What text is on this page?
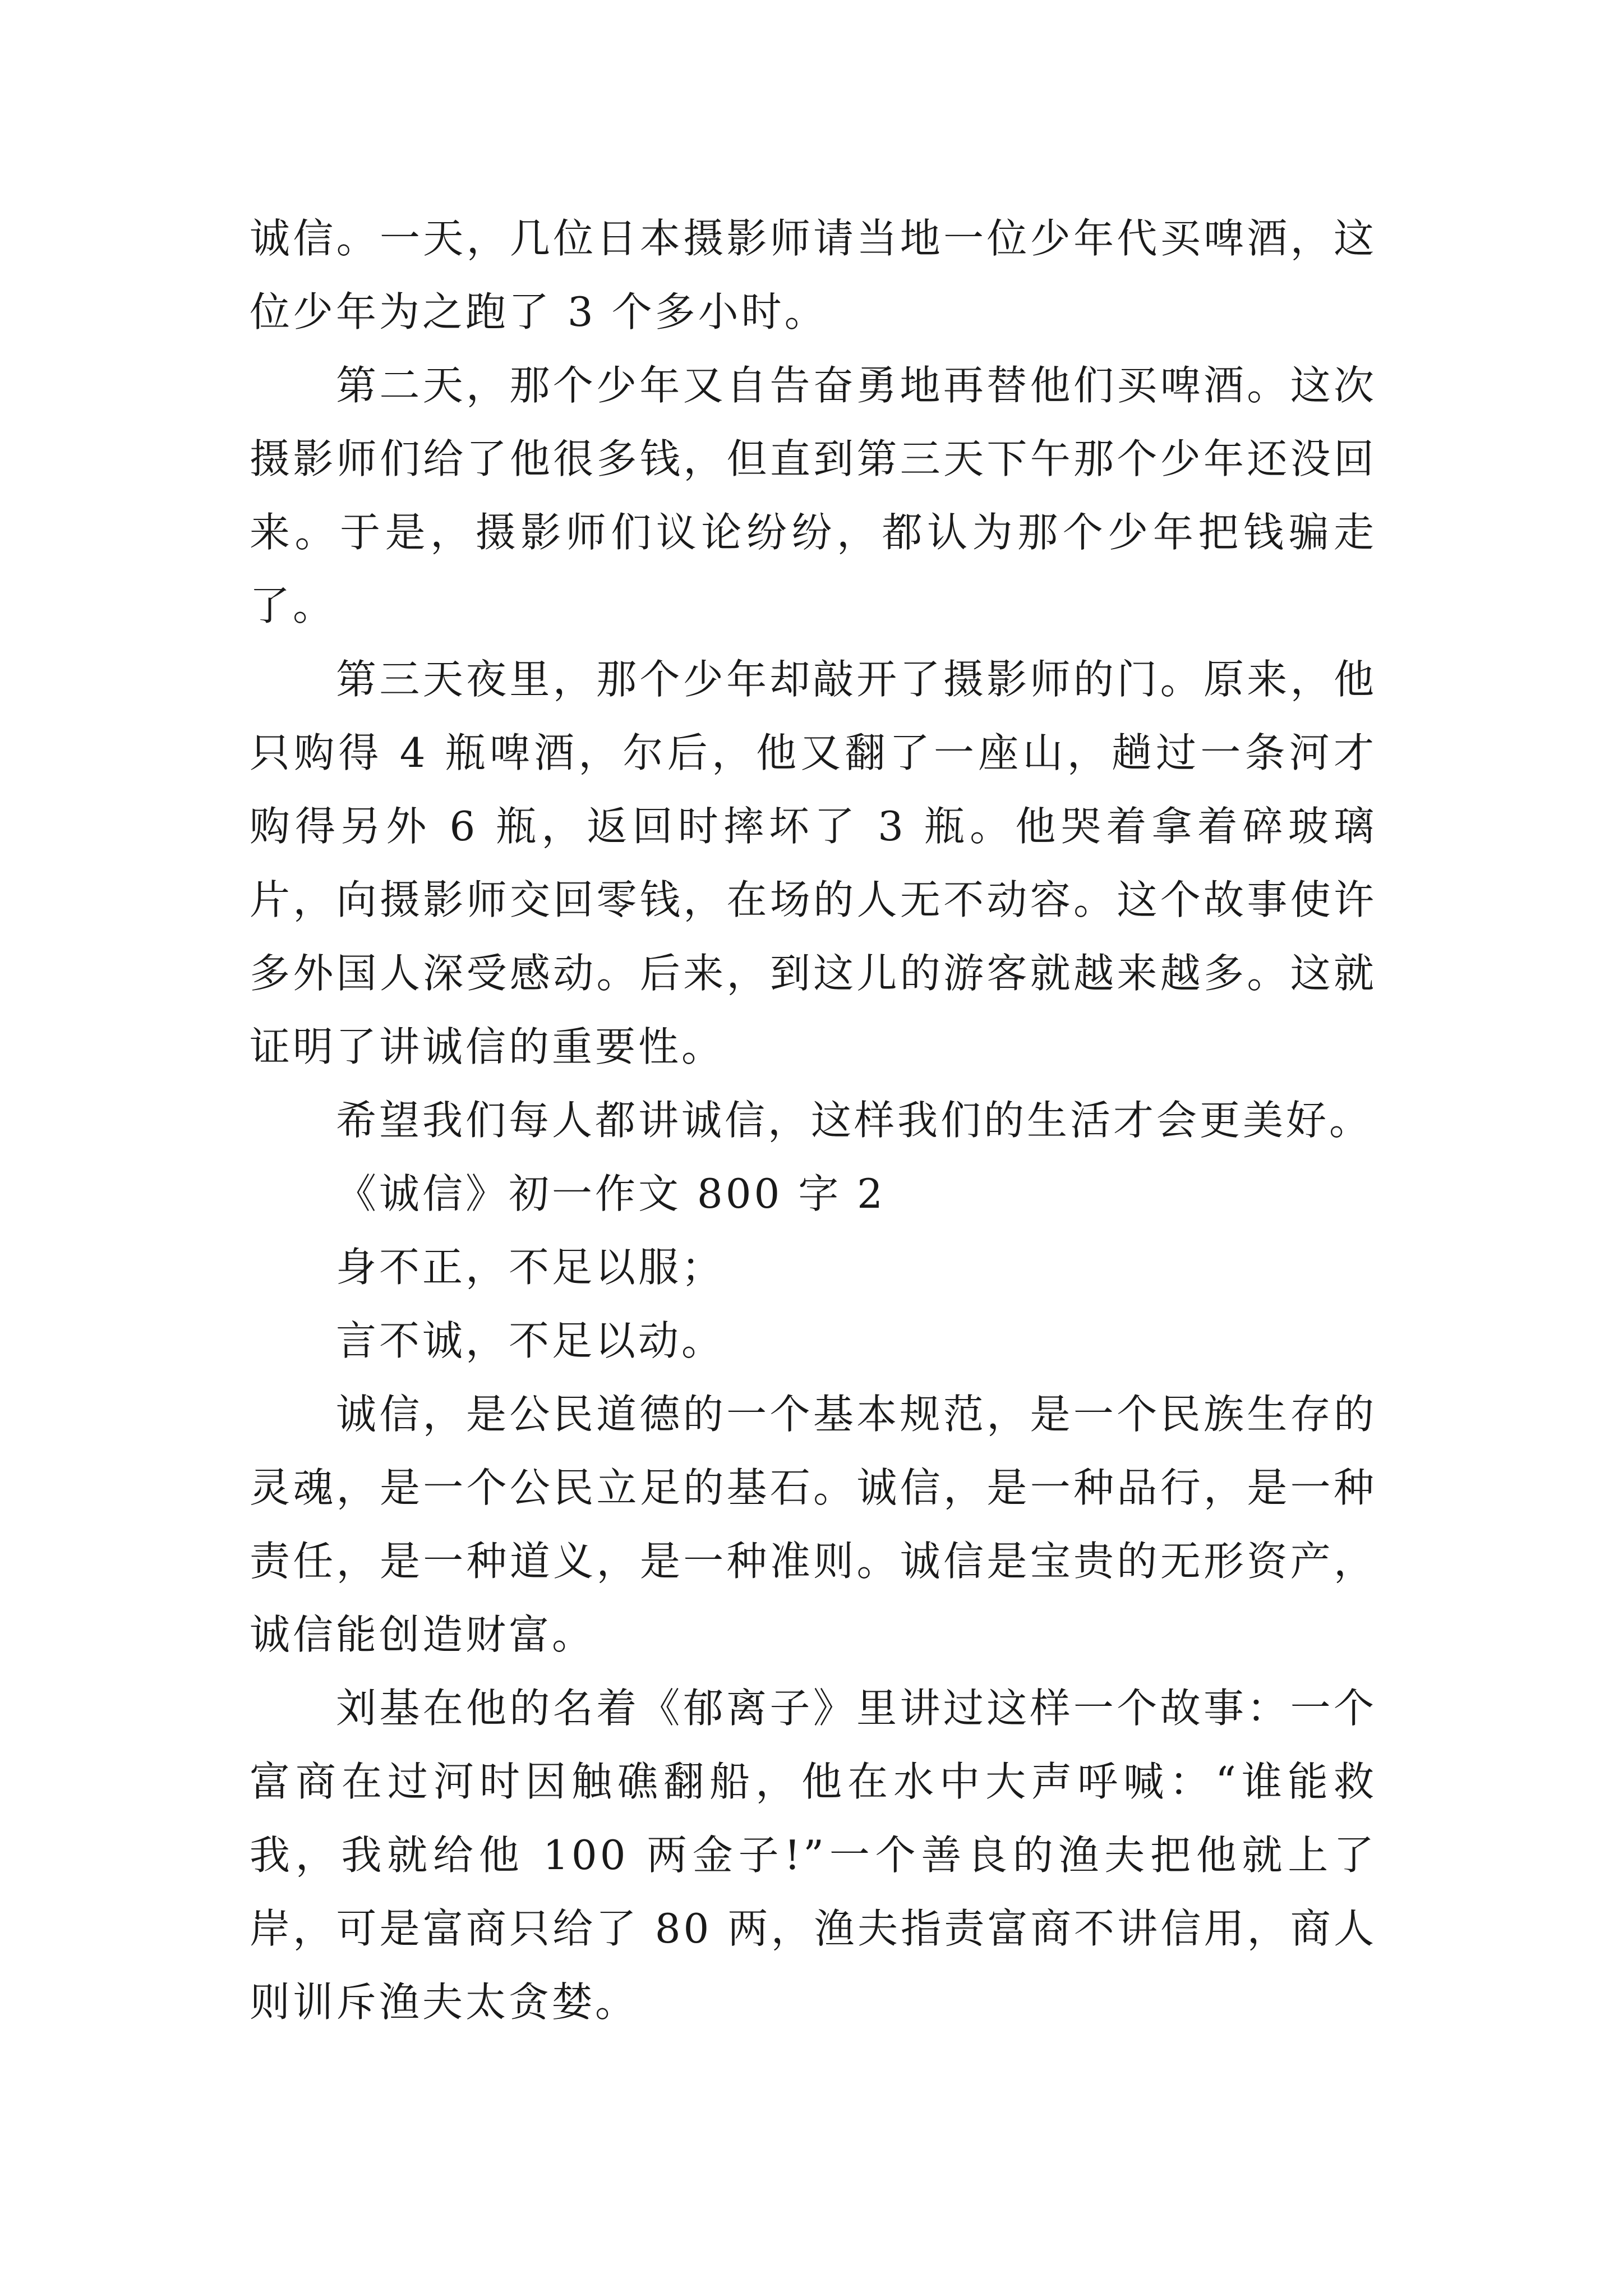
诚信。一天，几位日本摄影师请当地一位少年代买啤酒，这位少年为之跑了 3 个多小时。

第二天，那个少年又自告奋勇地再替他们买啤酒。这次摄影师们给了他很多钱，但直到第三天下午那个少年还没回来。于是，摄影师们议论纷纷，都认为那个少年把钱骗走了。

第三天夜里，那个少年却敲开了摄影师的门。原来，他只购得 4 瓶啤酒，尔后，他又翻了一座山，趟过一条河才购得另外 6 瓶，返回时摔坏了 3 瓶。他哭着拿着碎玻璃片，向摄影师交回零钱，在场的人无不动容。这个故事使许多外国人深受感动。后来，到这儿的游客就越来越多。这就证明了讲诚信的重要性。

希望我们每人都讲诚信，这样我们的生活才会更美好。

《诚信》初一作文 800 字 2

身不正，不足以服；

言不诚，不足以动。

诚信，是公民道德的一个基本规范，是一个民族生存的灵魂，是一个公民立足的基石。诚信，是一种品行，是一种责任，是一种道义，是一种准则。诚信是宝贵的无形资产，诚信能创造财富。

刘基在他的名着《郁离子》里讲过这样一个故事：一个富商在过河时因触礁翻船，他在水中大声呼喊：“谁能救我，我就给他 100 两金子!”一个善良的渔夫把他就上了岸，可是富商只给了 80 两，渔夫指责富商不讲信用，商人则训斥渔夫太贪婪。
